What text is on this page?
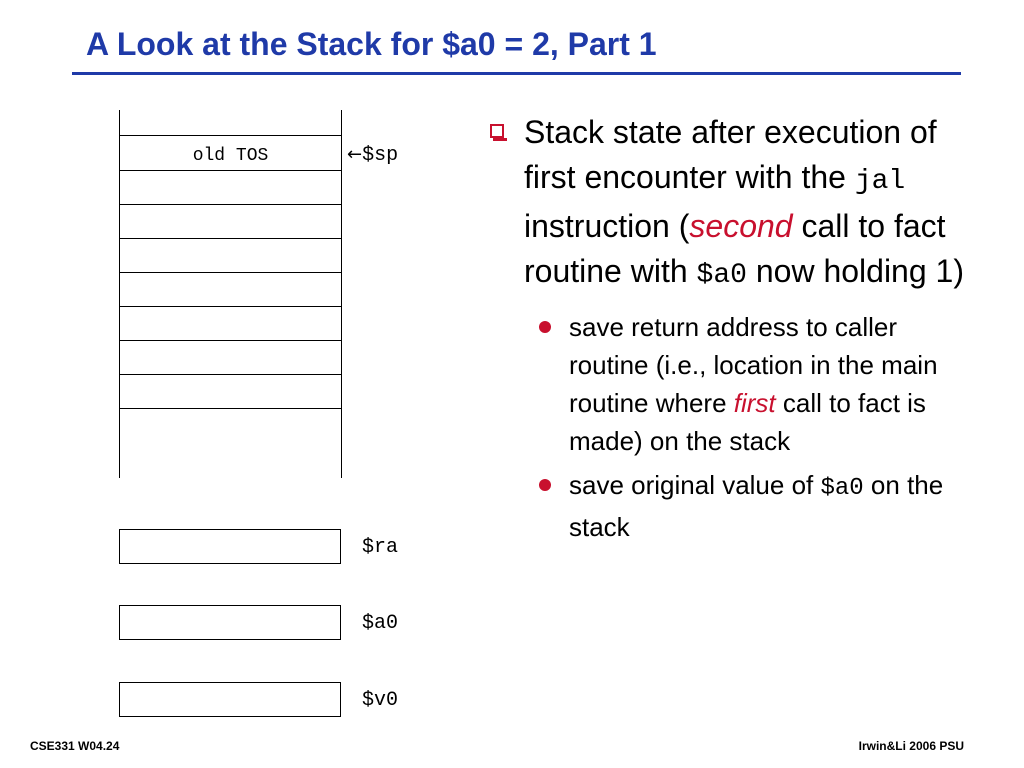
A Look at the Stack for $a0 = 2, Part 1
old TOS	←$sp
$ra
$a0
$v0
Stack state after execution of first encounter with the jal instruction (second call to fact routine with $a0 now holding 1)
save return address to caller routine (i.e., location in the main routine where first call to fact is made) on the stack
save original value of $a0 on the stack
CSE331 W04.24	Irwin&Li 2006 PSU
